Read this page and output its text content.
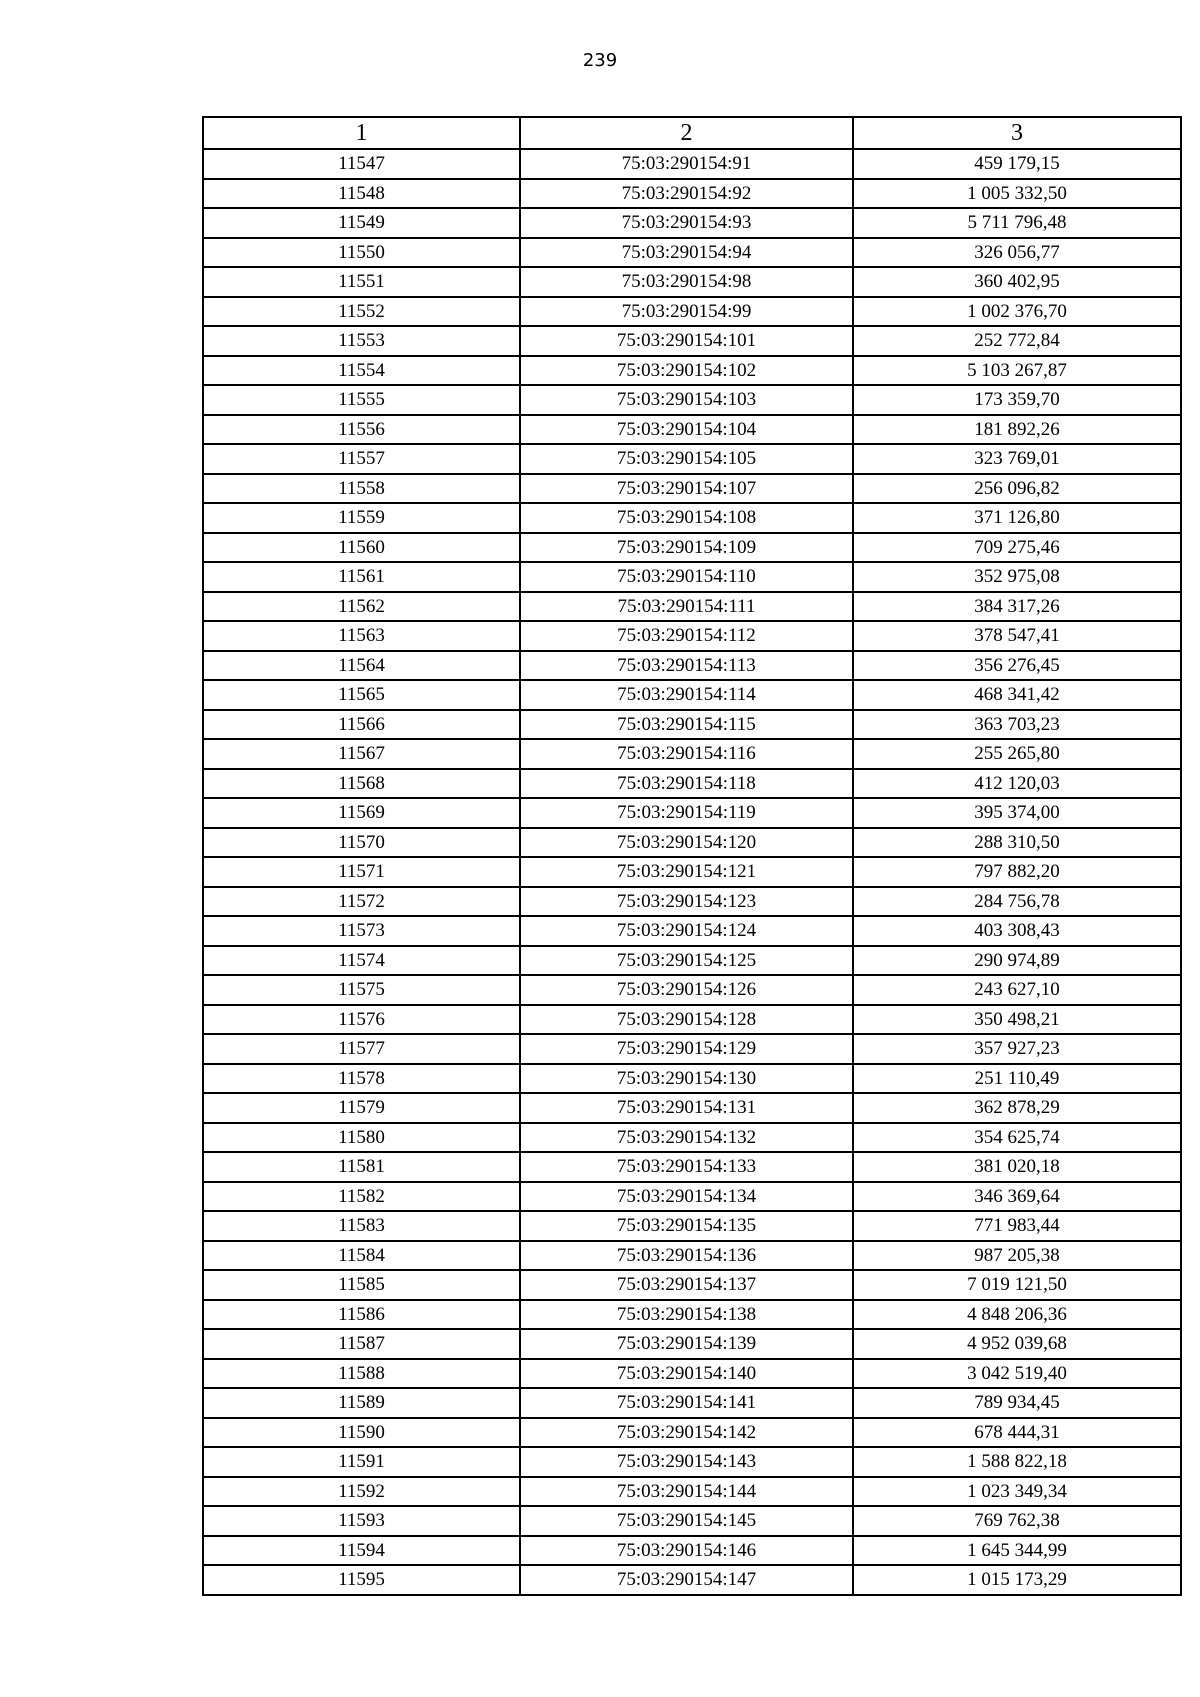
239
1	2	3
11547	75:03:290154:91	459 179,15
11548	75:03:290154:92	1 005 332,50
11549	75:03:290154:93	5 711 796,48
11550	75:03:290154:94	326 056,77
11551	75:03:290154:98	360 402,95
11552	75:03:290154:99	1 002 376,70
11553	75:03:290154:101	252 772,84
11554	75:03:290154:102	5 103 267,87
11555	75:03:290154:103	173 359,70
11556	75:03:290154:104	181 892,26
11557	75:03:290154:105	323 769,01
11558	75:03:290154:107	256 096,82
11559	75:03:290154:108	371 126,80
11560	75:03:290154:109	709 275,46
11561	75:03:290154:110	352 975,08
11562	75:03:290154:111	384 317,26
11563	75:03:290154:112	378 547,41
11564	75:03:290154:113	356 276,45
11565	75:03:290154:114	468 341,42
11566	75:03:290154:115	363 703,23
11567	75:03:290154:116	255 265,80
11568	75:03:290154:118	412 120,03
11569	75:03:290154:119	395 374,00
11570	75:03:290154:120	288 310,50
11571	75:03:290154:121	797 882,20
11572	75:03:290154:123	284 756,78
11573	75:03:290154:124	403 308,43
11574	75:03:290154:125	290 974,89
11575	75:03:290154:126	243 627,10
11576	75:03:290154:128	350 498,21
11577	75:03:290154:129	357 927,23
11578	75:03:290154:130	251 110,49
11579	75:03:290154:131	362 878,29
11580	75:03:290154:132	354 625,74
11581	75:03:290154:133	381 020,18
11582	75:03:290154:134	346 369,64
11583	75:03:290154:135	771 983,44
11584	75:03:290154:136	987 205,38
11585	75:03:290154:137	7 019 121,50
11586	75:03:290154:138	4 848 206,36
11587	75:03:290154:139	4 952 039,68
11588	75:03:290154:140	3 042 519,40
11589	75:03:290154:141	789 934,45
11590	75:03:290154:142	678 444,31
11591	75:03:290154:143	1 588 822,18
11592	75:03:290154:144	1 023 349,34
11593	75:03:290154:145	769 762,38
11594	75:03:290154:146	1 645 344,99
11595	75:03:290154:147	1 015 173,29
